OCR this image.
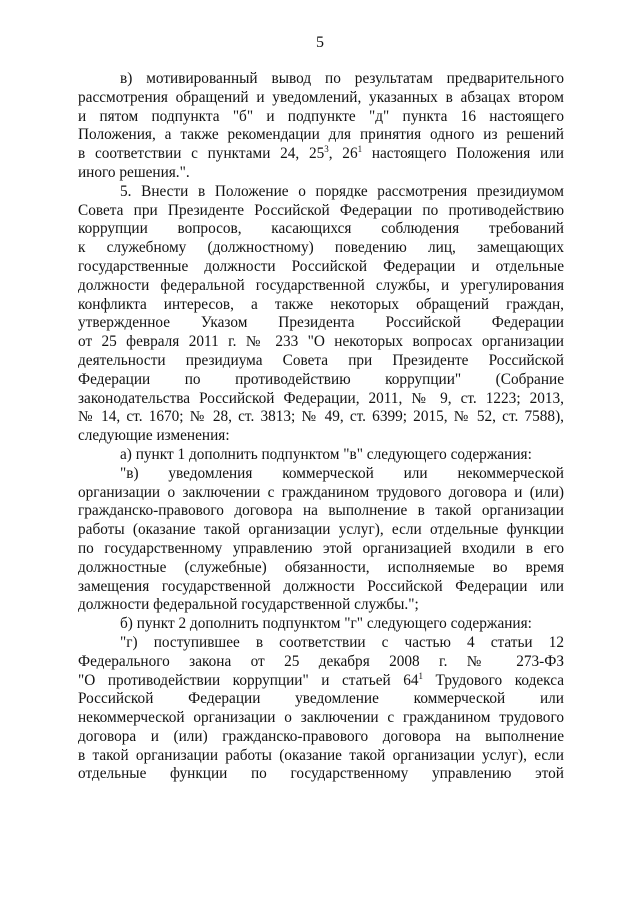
5
в) мотивированный вывод по результатам предварительного
рассмотрения обращений и уведомлений, указанных в абзацах втором
и пятом подпункта "б" и подпункте "д" пункта 16 настоящего
Положения, а также рекомендации для принятия одного из решений
в соответствии с пунктами 24, $25^3$, $26^1$ настоящего Положения или
иного решения.".
5. Внести в Положение о порядке рассмотрения президиумом
Совета при Президенте Российской Федерации по противодействию
коррупции вопросов, касающихся соблюдения требований
к служебному (должностному) поведению лиц, замещающих
государственные должности Российской Федерации и отдельные
должности федеральной государственной службы, и урегулирования
конфликта интересов, а также некоторых обращений граждан,
утвержденное Указом Президента Российской Федерации
от 25 февраля 2011 г. № 233 "О некоторых вопросах организации
деятельности президиума Совета при Президенте Российской
Федерации по противодействию коррупции" (Собрание
законодательства Российской Федерации, 2011, № 9, ст. 1223; 2013,
№ 14, ст. 1670; № 28, ст. 3813; № 49, ст. 6399; 2015, № 52, ст. 7588),
следующие изменения:
а) пункт 1 дополнить подпунктом "в" следующего содержания:
"в) уведомления коммерческой или некоммерческой
организации о заключении с гражданином трудового договора и (или)
гражданско-правового договора на выполнение в такой организации
работы (оказание такой организации услуг), если отдельные функции
по государственному управлению этой организацией входили в его
должностные (служебные) обязанности, исполняемые во время
замещения государственной должности Российской Федерации или
должности федеральной государственной службы.";
б) пункт 2 дополнить подпунктом "г" следующего содержания:
"г) поступившее в соответствии с частью 4 статьи 12
Федерального закона от 25 декабря 2008 г. № 273-ФЗ
"О противодействии коррупции" и статьей $64^1$ Трудового кодекса
Российской Федерации уведомление коммерческой или
некоммерческой организации о заключении с гражданином трудового
договора и (или) гражданско-правового договора на выполнение
в такой организации работы (оказание такой организации услуг), если
отдельные функции по государственному управлению этой
